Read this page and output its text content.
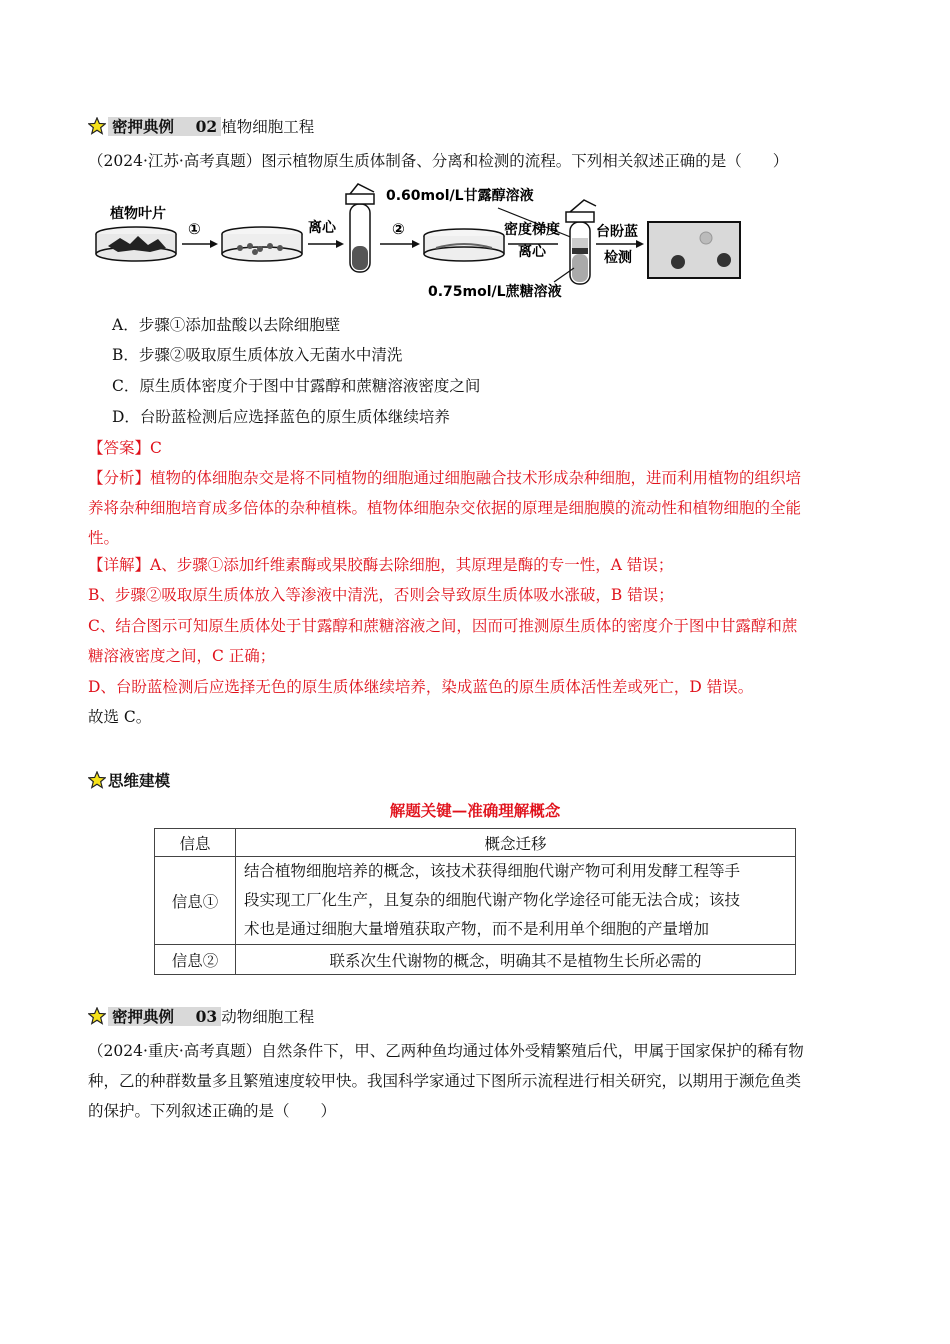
密押典例 02 植物细胞工程
（2024·江苏·高考真题）图示植物原生质体制备、分离和检测的流程。下列相关叙述正确的是（　　）
植物叶片
①	离心	②
0.60mol/L甘露醇溶液
密度梯度
离心
0.75mol/L蔗糖溶液
台盼蓝
检测
A．步骤①添加盐酸以去除细胞壁
B．步骤②吸取原生质体放入无菌水中清洗
C．原生质体密度介于图中甘露醇和蔗糖溶液密度之间
D．台盼蓝检测后应选择蓝色的原生质体继续培养
【答案】C
【分析】植物的体细胞杂交是将不同植物的细胞通过细胞融合技术形成杂种细胞，进而利用植物的组织培
养将杂种细胞培育成多倍体的杂种植株。植物体细胞杂交依据的原理是细胞膜的流动性和植物细胞的全能
性。
【详解】A、步骤①添加纤维素酶或果胶酶去除细胞，其原理是酶的专一性，A 错误；
B、步骤②吸取原生质体放入等渗液中清洗，否则会导致原生质体吸水涨破，B 错误；
C、结合图示可知原生质体处于甘露醇和蔗糖溶液之间，因而可推测原生质体的密度介于图中甘露醇和蔗
糖溶液密度之间，C 正确；
D、台盼蓝检测后应选择无色的原生质体继续培养，染成蓝色的原生质体活性差或死亡，D 错误。
故选 C。
思维建模
解题关键—准确理解概念
信息	概念迁移
信息①	结合植物细胞培养的概念，该技术获得细胞代谢产物可利用发酵工程等手
段实现工厂化生产，且复杂的细胞代谢产物化学途径可能无法合成；该技
术也是通过细胞大量增殖获取产物，而不是利用单个细胞的产量增加

信息②	联系次生代谢物的概念，明确其不是植物生长所必需的
密押典例 03 动物细胞工程
（2024·重庆·高考真题）自然条件下，甲、乙两种鱼均通过体外受精繁殖后代，甲属于国家保护的稀有物
种，乙的种群数量多且繁殖速度较甲快。我国科学家通过下图所示流程进行相关研究，以期用于濒危鱼类
的保护。下列叙述正确的是（　　）
